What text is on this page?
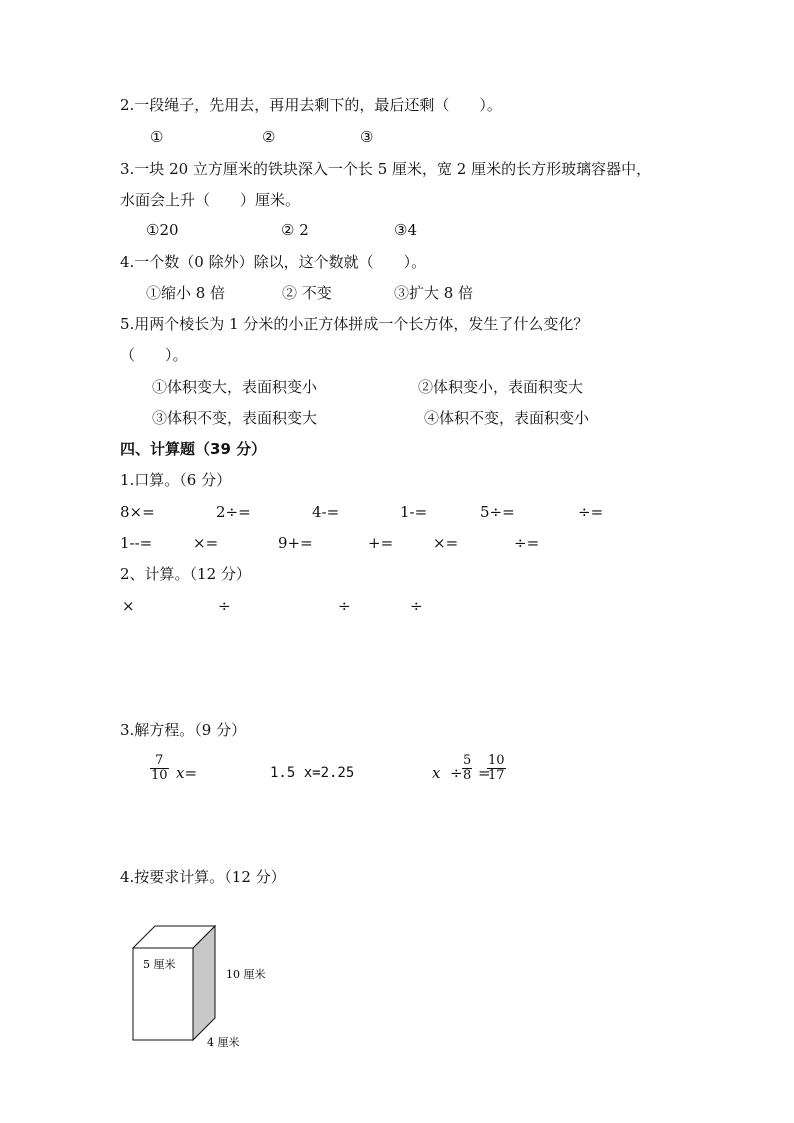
2.一段绳子，先用去，再用去剩下的，最后还剩（　　）。
①	②	③
3.一块 20 立方厘米的铁块深入一个长 5 厘米，宽 2 厘米的长方形玻璃容器中，
水面会上升（　　）厘米。
①20	② 2	③4
4.一个数（0 除外）除以，这个数就（　　）。
①缩小 8 倍	② 不变	③扩大 8 倍
5.用两个棱长为 1 分米的小正方体拼成一个长方体，发生了什么变化？
（　　）。
①体积变大，表面积变小	②体积变小，表面积变大
③体积不变，表面积变大	④体积不变，表面积变小
四、计算题（39 分）
1.口算。（6 分）
8×=	2÷=	4-=	1-=	5÷=	÷=
1--=	×=	9+=	+=	×=	÷=
2、计算。（12 分）
×	÷	÷	÷
3.解方程。（9 分）
$\frac{7}{10} x=$	1.5 x=2.25	$x \div \frac{5}{8}$ =
$\frac{10}{17}$
4.按要求计算。（12 分）
5 厘米
10 厘米
4 厘米
